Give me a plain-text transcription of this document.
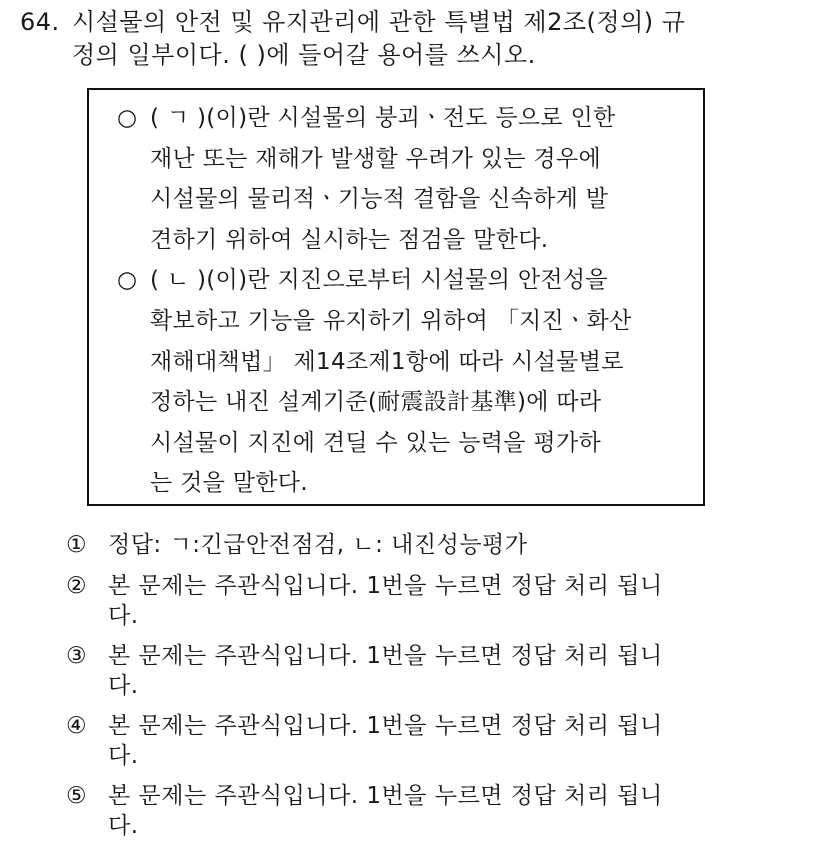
64. 시설물의 안전 및 유지관리에 관한 특별법 제2조(정의) 규
정의 일부이다. ( )에 들어갈 용어를 쓰시오.
○ ( ㄱ )(이)란 시설물의 붕괴ㆍ전도 등으로 인한
재난 또는 재해가 발생할 우려가 있는 경우에
시설물의 물리적ㆍ기능적 결함을 신속하게 발
견하기 위하여 실시하는 점검을 말한다.
○ ( ㄴ )(이)란 지진으로부터 시설물의 안전성을
확보하고 기능을 유지하기 위하여 「지진ㆍ화산
재해대책법」 제14조제1항에 따라 시설물별로
정하는 내진 설계기준(耐震設計基準)에 따라
시설물이 지진에 견딜 수 있는 능력을 평가하
는 것을 말한다.
① 정답: ㄱ:긴급안전점검, ㄴ: 내진성능평가
② 본 문제는 주관식입니다. 1번을 누르면 정답 처리 됩니
다.
③ 본 문제는 주관식입니다. 1번을 누르면 정답 처리 됩니
다.
④ 본 문제는 주관식입니다. 1번을 누르면 정답 처리 됩니
다.
⑤ 본 문제는 주관식입니다. 1번을 누르면 정답 처리 됩니
다.
